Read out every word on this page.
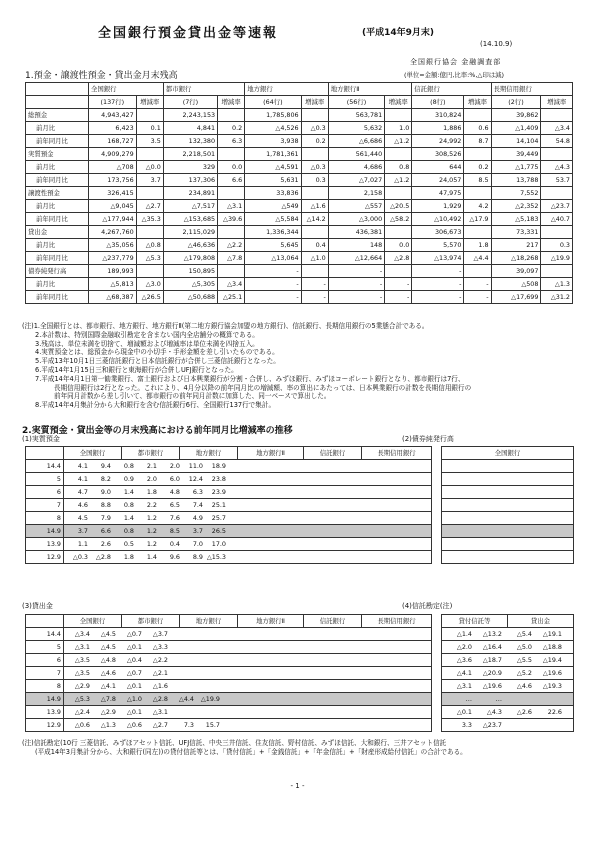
全国銀行預金貸出金等速報	(平成14年9月末)
(14.10.9)
全国銀行協会 金融調査部
1.預金・譲渡性預金・貸出金月末残高	(単位=金額:億円,比率:%,△印は減)
	全国銀行		都市銀行		地方銀行		地方銀行Ⅱ		信託銀行		長期信用銀行	
	(137行)	増減率	(7行)	増減率	(64行)	増減率	(56行)	増減率	(8行)	増減率	(2行)	増減率
総預金	4,943,427		2,243,153		1,785,806		563,781		310,824		39,862	
前月比	6,423	0.1	4,841	0.2	△4,526	△0.3	5,632	1.0	1,886	0.6	△1,409	△3.4
前年同月比	168,727	3.5	132,380	6.3	3,938	0.2	△6,686	△1.2	24,992	8.7	14,104	54.8
実質預金	4,909,279		2,218,501		1,781,361		561,440		308,526		39,449	
前月比	△708	△0.0	329	0.0	△4,591	△0.3	4,686	0.8	644	0.2	△1,775	△4.3
前年同月比	173,756	3.7	137,306	6.6	5,631	0.3	△7,027	△1.2	24,057	8.5	13,788	53.7
譲渡性預金	326,415		234,891		33,836		2,158		47,975		7,552	
前月比	△9,045	△2.7	△7,517	△3.1	△549	△1.6	△557	△20.5	1,929	4.2	△2,352	△23.7
前年同月比	△177,944	△35.3	△153,685	△39.6	△5,584	△14.2	△3,000	△58.2	△10,492	△17.9	△5,183	△40.7
貸出金	4,267,760		2,115,029		1,336,344		436,381		306,673		73,331	
前月比	△35,056	△0.8	△46,636	△2.2	5,645	0.4	148	0.0	5,570	1.8	217	0.3
前年同月比	△237,779	△5.3	△179,808	△7.8	△13,064	△1.0	△12,664	△2.8	△13,974	△4.4	△18,268	△19.9
債券純発行高	189,993		150,895		-		-		-		39,097	
前月比	△5,813	△3.0	△5,305	△3.4	-	-	-	-	-	-	△508	△1.3
前年同月比	△68,387	△26.5	△50,688	△25.1	-	-	-	-	-	-	△17,699	△31.2
(注)1.全国銀行とは、都市銀行、地方銀行、地方銀行Ⅱ(第二地方銀行協会加盟の地方銀行)、信託銀行、長期信用銀行の5業態合計である。
2.本計数は、特別国際金融取引勘定を含まない国内全店舗分の概算である。
3.残高は、単位未満を切捨て、増減額および増減率は単位未満を四捨五入。
4.実質預金とは、総預金から現金中の小切手・手形金額を差し引いたものである。
5.平成13年10月1日三菱信託銀行と日本信託銀行が合併し三菱信託銀行となった。
6.平成14年1月15日三和銀行と東海銀行が合併しUFJ銀行となった。
7.平成14年4月1日第一勧業銀行、富士銀行および日本興業銀行が分割・合併し、みずほ銀行、みずほコーポレート銀行となり、都市銀行は7行、
長期信用銀行は2行となった。これにより、4月分以降の前年同月比の増減額、率の算出にあたっては、日本興業銀行の計数を長期信用銀行の
前年同月計数から差し引いて、都市銀行の前年同月計数に加算した、同一ベースで算出した。
8.平成14年4月集計分から大和銀行を含む信託銀行6行、全国銀行137行で集計。
2.実質預金・貸出金等の月末残高における前年同月比増減率の推移
(1)実質預金	(2)債券純発行高
	全国銀行	都市銀行	地方銀行	地方銀行Ⅱ	信託銀行	長期信用銀行		全国銀行
14.4	4.1 9.4 0.8 2.1 2.0 11.0 18.9							
5	4.1 8.2 0.9 2.0 6.0 12.4 23.8							
6	4.7 9.0 1.4 1.8 4.8 6.3 23.9							
7	4.6 8.8 0.8 2.2 6.5 7.4 25.1							
8	4.5 7.9 1.4 1.2 7.6 4.9 25.7							
14.9	3.7 6.6 0.8 1.2 8.5 3.7 26.5							
13.9	1.1 2.6 0.5 1.2 0.4 7.0 17.0							
12.9	△0.3 △2.8 1.8 1.4 9.6 8.9 △15.3							
(3)貸出金	(4)信託勘定(注)
	全国銀行	都市銀行	地方銀行	地方銀行Ⅱ	信託銀行	長期信用銀行		貸付信託等	貸出金
14.4	△3.4 △4.5 △0.7 △3.7							△1.4 △13.2 △5.4 △19.1	
5	△3.1 △4.5 △0.1 △3.3							△2.0 △16.4 △5.0 △18.8	
6	△3.5 △4.8 △0.4 △2.2							△3.6 △18.7 △5.5 △19.4	
7	△3.5 △4.6 △0.7 △2.1							△4.1 △20.9 △5.2 △19.6	
8	△2.9 △4.1 △0.1 △1.6							△3.1 △19.6 △4.6 △19.3	
14.9	△5.3 △7.8 △1.0 △2.8 △4.4 △19.9							… …	
13.9	△2.4 △2.9 △0.1 △3.1							△0.1 △4.3 △2.6 22.6	
12.9	△0.6 △1.3 △0.6 △2.7 7.3 15.7							3.3 △23.7	
(注)信託勘定(10行 三菱信託、みずほアセット信託、UFJ信託、中央三井信託、住友信託、野村信託、みずほ信託、大和銀行、三井アセット信託
(平成14年3月集計分から、大和銀行(同左))の貸付信託等とは、「貸付信託」+「金銭信託」+「年金信託」+「財産形成給付信託」の合計である。
- 1 -
